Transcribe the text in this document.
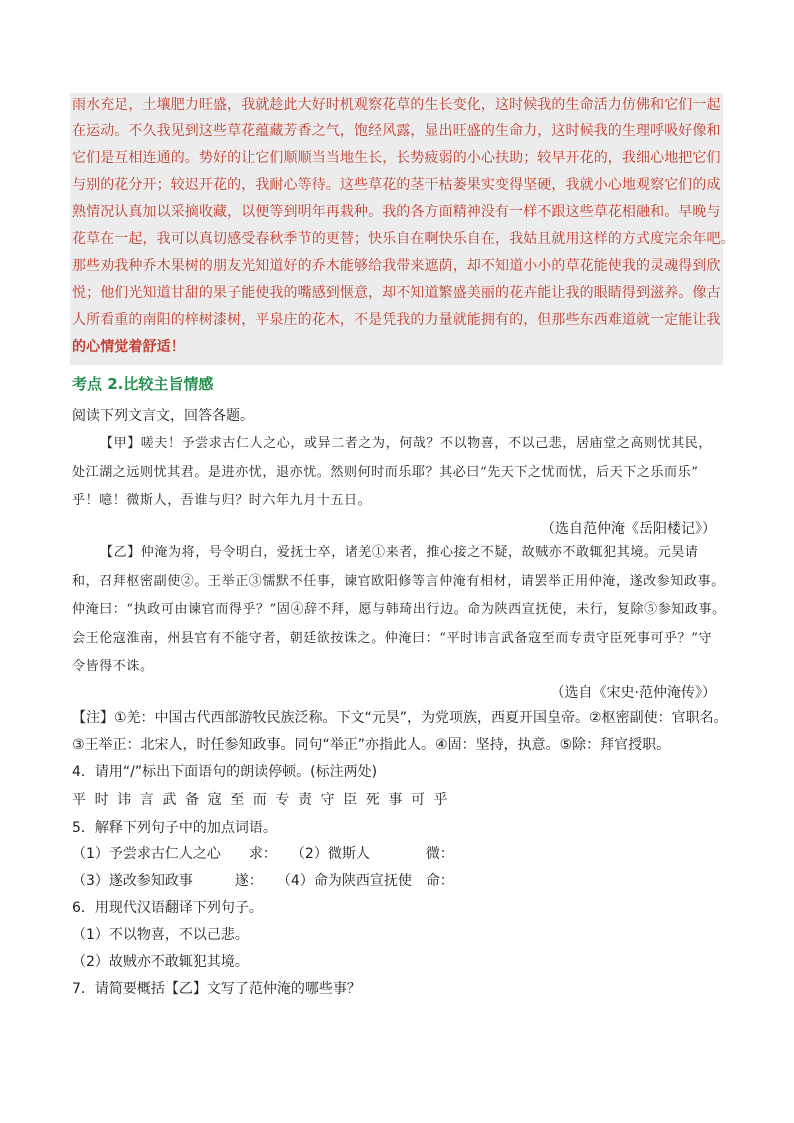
雨水充足，土壤肥力旺盛，我就趁此大好时机观察花草的生长变化，这时候我的生命活力仿佛和它们一起
在运动。不久我见到这些草花蕴藏芳香之气，饱经风露，显出旺盛的生命力，这时候我的生理呼吸好像和
它们是互相连通的。势好的让它们顺顺当当地生长，长势疲弱的小心扶助；较早开花的，我细心地把它们
与别的花分开；较迟开花的，我耐心等待。这些草花的茎干枯萎果实变得坚硬，我就小心地观察它们的成
熟情况认真加以采摘收藏，以便等到明年再栽种。我的各方面精神没有一样不跟这些草花相融和。早晚与
花草在一起，我可以真切感受春秋季节的更替；快乐自在啊快乐自在，我姑且就用这样的方式度完余年吧。
那些劝我种乔木果树的朋友光知道好的乔木能够给我带来遮荫，却不知道小小的草花能使我的灵魂得到欣
悦；他们光知道甘甜的果子能使我的嘴感到惬意，却不知道繁盛美丽的花卉能让我的眼睛得到滋养。像古
人所看重的南阳的梓树漆树，平泉庄的花木，不是凭我的力量就能拥有的，但那些东西难道就一定能让我
的心情觉着舒适！
考点 2.比较主旨情感
阅读下列文言文，回答各题。
【甲】嗟夫！予尝求古仁人之心，或异二者之为，何哉？不以物喜，不以己悲，居庙堂之高则忧其民，
处江湖之远则忧其君。是进亦忧，退亦忧。然则何时而乐耶？其必曰“先天下之忧而忧，后天下之乐而乐”
乎！噫！微斯人，吾谁与归？时六年九月十五日。
（选自范仲淹《岳阳楼记》）
【乙】仲淹为将，号令明白，爱抚士卒，诸羌①来者，推心接之不疑，故贼亦不敢辄犯其境。元昊请
和，召拜枢密副使②。王举正③懦默不任事，谏官欧阳修等言仲淹有相材，请罢举正用仲淹，遂改参知政事。
仲淹曰：“执政可由谏官而得乎？”固④辞不拜，愿与韩琦出行边。命为陕西宣抚使，未行，复除⑤参知政事。
会王伦寇淮南，州县官有不能守者，朝廷欲按诛之。仲淹曰：“平时讳言武备寇至而专责守臣死事可乎？”守
令皆得不诛。
（选自《宋史·范仲淹传》）
【注】①羌：中国古代西部游牧民族泛称。下文“元昊”，为党项族，西夏开国皇帝。②枢密副使：官职名。
③王举正：北宋人，时任参知政事。同句“举正”亦指此人。④固：坚持，执意。⑤除：拜官授职。
4．请用“/”标出下面语句的朗读停顿。(标注两处)
平时讳言武备寇至而专责守臣死事可乎
5．解释下列句子中的加点词语。
（1）予尝求古仁人之心　　求：　　（2）微斯人　　　　微：
（3）遂改参知政事　　　遂：　　（4）命为陕西宣抚使　命：
6．用现代汉语翻译下列句子。
（1）不以物喜，不以己悲。
（2）故贼亦不敢辄犯其境。
7．请简要概括【乙】文写了范仲淹的哪些事？
